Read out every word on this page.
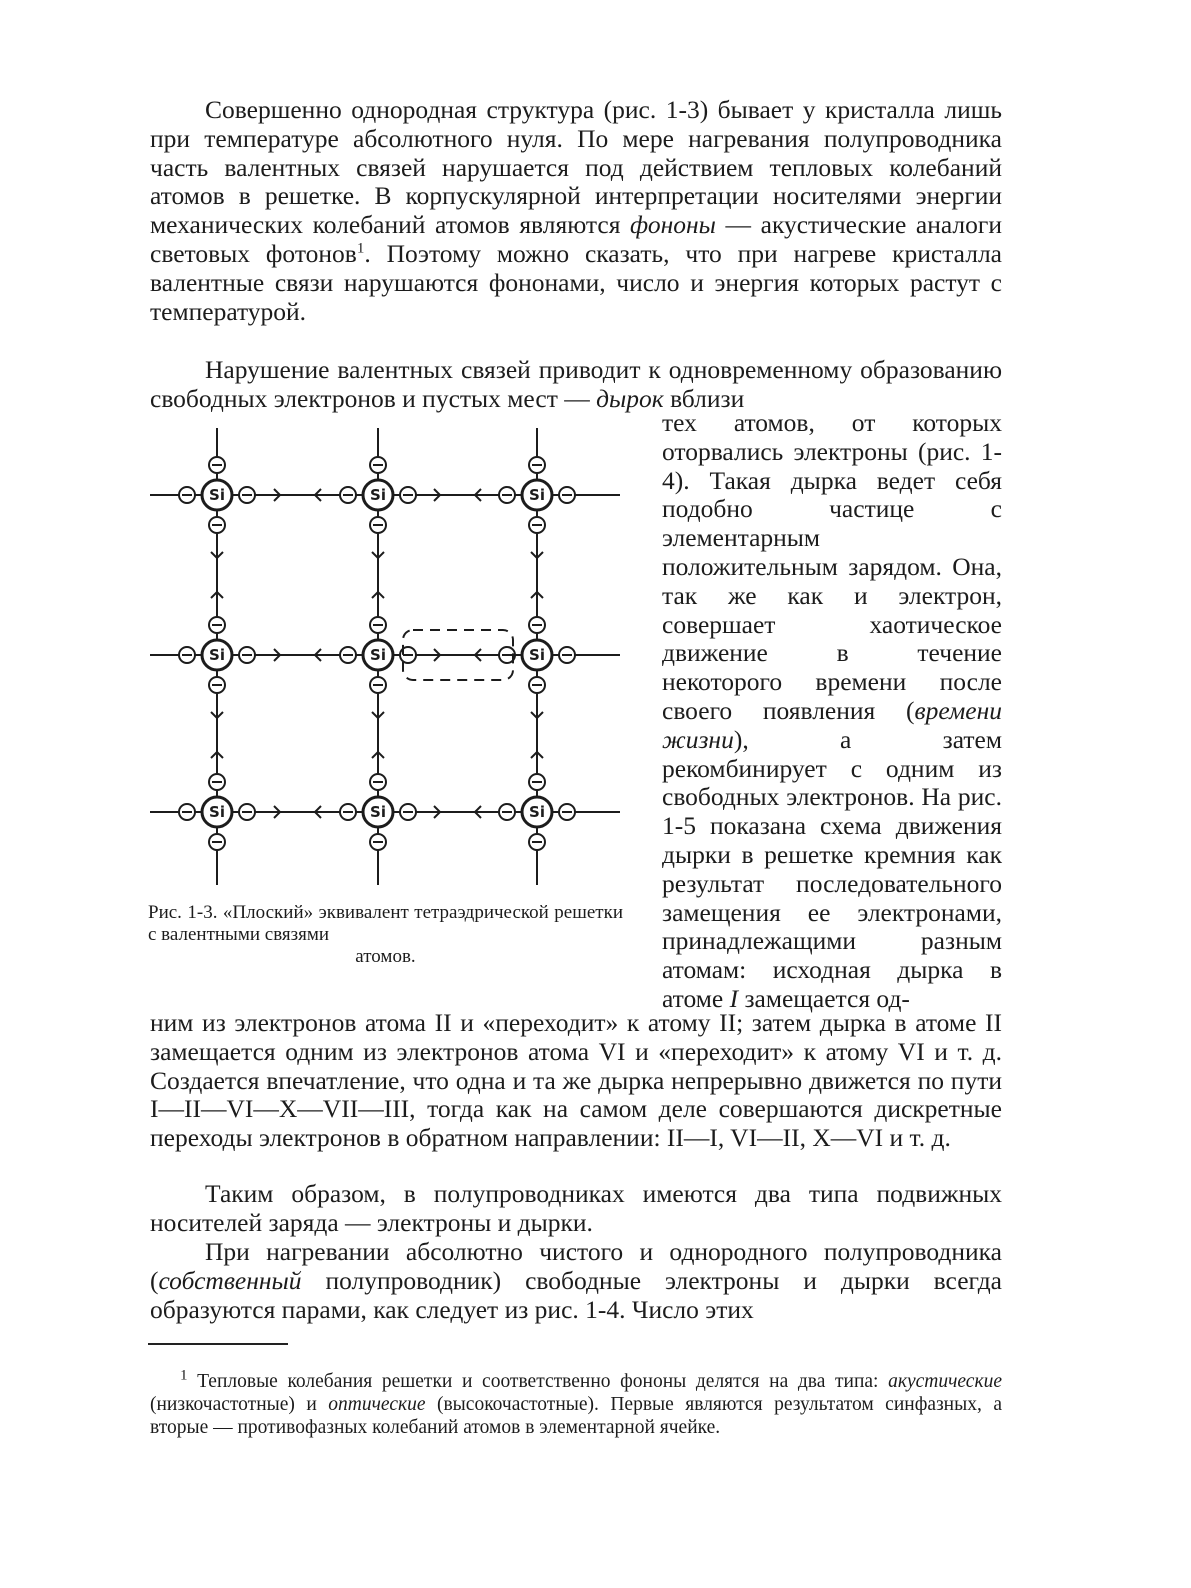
Совершенно однородная структура (рис. 1-3) бывает у кристалла лишь при температуре абсолютного нуля. По мере нагревания полупроводника часть валентных связей нарушается под действием тепловых колебаний атомов в решетке. В корпускулярной интерпретации носителями энергии механических колебаний атомов являются фононы — акустические аналоги световых фотонов$^1$. Поэтому можно сказать, что при нагреве кристалла валентные связи нарушаются фононами, число и энергия которых растут с температурой.

Нарушение валентных связей приводит к одновременному образованию свободных электронов и пустых мест — дырок вблизи

тех атомов, от которых оторвались электроны (рис. 1-4). Такая дырка ведет себя подобно частице с элементарным положительным зарядом. Она, так же как и электрон, совершает хаотическое движение в течение некоторого времени после своего появления (времени жизни), а затем рекомбинирует с одним из свободных электронов. На рис. 1-5 показана схема движения дырки в решетке кремния как результат последовательного замещения ее электронами, принадлежащими разным атомам: исходная дырка в атоме I замещается од-
ним из электронов атома II и «переходит» к атому II; затем дырка в атоме II замещается одним из электронов атома VI и «переходит» к атому VI и т. д. Создается впечатление, что одна и та же дырка непрерывно движется по пути I—II—VI—X—VII—III, тогда как на самом деле совершаются дискретные переходы электронов в обратном направлении: II—I, VI—II, X—VI и т. д.

Таким образом, в полупроводниках имеются два типа подвижных носителей заряда — электроны и дырки.

При нагревании абсолютно чистого и однородного полупроводника (собственный полупроводник) свободные электроны и дырки всегда образуются парами, как следует из рис. 1-4. Число этих

Si
Si
Si
Si
Si
Si
Si
Si
Si
Рис. 1-3. «Плоский» эквивалент тетраэдрической решетки с валентными связями
атомов.

$^1$ Тепловые колебания решетки и соответственно фононы делятся на два типа: акустические (низкочастотные) и оптические (высокочастотные). Первые являются результатом синфазных, а вторые — противофазных колебаний атомов в элементарной ячейке.
